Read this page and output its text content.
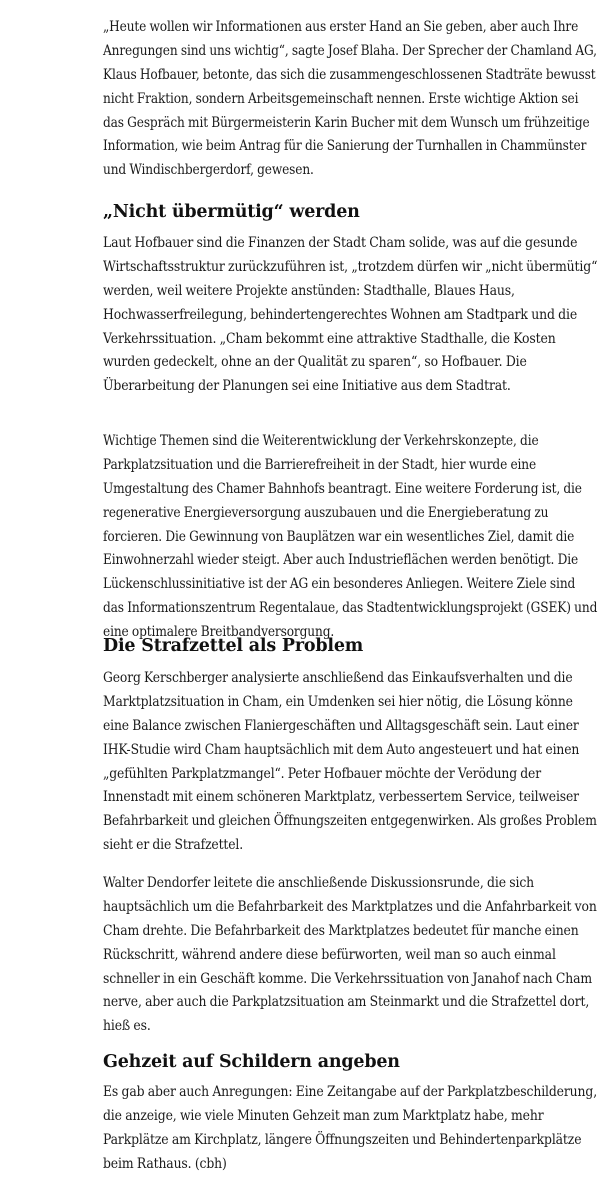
„Heute wollen wir Informationen aus erster Hand an Sie geben, aber auch Ihre
Anregungen sind uns wichtig“, sagte Josef Blaha. Der Sprecher der Chamland AG,
Klaus Hofbauer, betonte, das sich die zusammengeschlossenen Stadträte bewusst
nicht Fraktion, sondern Arbeitsgemeinschaft nennen. Erste wichtige Aktion sei
das Gespräch mit Bürgermeisterin Karin Bucher mit dem Wunsch um frühzeitige
Information, wie beim Antrag für die Sanierung der Turnhallen in Chammünster
und Windischbergerdorf, gewesen.
„Nicht übermütig“ werden
Laut Hofbauer sind die Finanzen der Stadt Cham solide, was auf die gesunde
Wirtschaftsstruktur zurückzuführen ist, „trotzdem dürfen wir „nicht übermütig“
werden, weil weitere Projekte anstünden: Stadthalle, Blaues Haus,
Hochwasserfreilegung, behindertengerechtes Wohnen am Stadtpark und die
Verkehrssituation. „Cham bekommt eine attraktive Stadthalle, die Kosten
wurden gedeckelt, ohne an der Qualität zu sparen“, so Hofbauer. Die
Überarbeitung der Planungen sei eine Initiative aus dem Stadtrat.
Wichtige Themen sind die Weiterentwicklung der Verkehrskonzepte, die
Parkplatzsituation und die Barrierefreiheit in der Stadt, hier wurde eine
Umgestaltung des Chamer Bahnhofs beantragt. Eine weitere Forderung ist, die
regenerative Energieversorgung auszubauen und die Energieberatung zu
forcieren. Die Gewinnung von Bauplätzen war ein wesentliches Ziel, damit die
Einwohnerzahl wieder steigt. Aber auch Industrieflächen werden benötigt. Die
Lückenschlussinitiative ist der AG ein besonderes Anliegen. Weitere Ziele sind
das Informationszentrum Regentalaue, das Stadtentwicklungsprojekt (GSEK) und
eine optimalere Breitbandversorgung.
Die Strafzettel als Problem
Georg Kerschberger analysierte anschließend das Einkaufsverhalten und die
Marktplatzsituation in Cham, ein Umdenken sei hier nötig, die Lösung könne
eine Balance zwischen Flaniergeschäften und Alltagsgeschäft sein. Laut einer
IHK-Studie wird Cham hauptsächlich mit dem Auto angesteuert und hat einen
„gefühlten Parkplatzmangel“. Peter Hofbauer möchte der Verödung der
Innenstadt mit einem schöneren Marktplatz, verbessertem Service, teilweiser
Befahrbarkeit und gleichen Öffnungszeiten entgegenwirken. Als großes Problem
sieht er die Strafzettel.
Walter Dendorfer leitete die anschließende Diskussionsrunde, die sich
hauptsächlich um die Befahrbarkeit des Marktplatzes und die Anfahrbarkeit von
Cham drehte. Die Befahrbarkeit des Marktplatzes bedeutet für manche einen
Rückschritt, während andere diese befürworten, weil man so auch einmal
schneller in ein Geschäft komme. Die Verkehrssituation von Janahof nach Cham
nerve, aber auch die Parkplatzsituation am Steinmarkt und die Strafzettel dort,
hieß es.
Gehzeit auf Schildern angeben
Es gab aber auch Anregungen: Eine Zeitangabe auf der Parkplatzbeschilderung,
die anzeige, wie viele Minuten Gehzeit man zum Marktplatz habe, mehr
Parkplätze am Kirchplatz, längere Öffnungszeiten und Behindertenparkplätze
beim Rathaus. (cbh)
